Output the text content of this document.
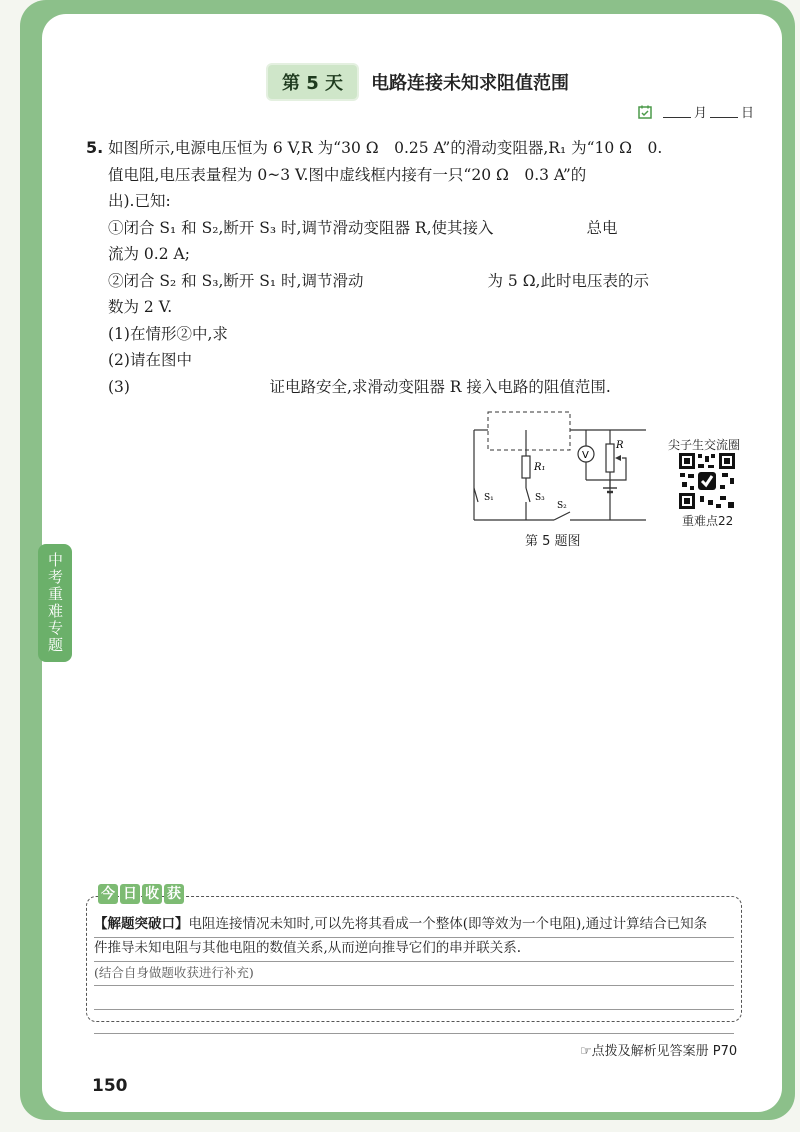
中考重难专题
第 5 天	电路连接未知求阻值范围
月	日
5. 如图所示,电源电压恒为 6 V,R 为“30 Ω　0.25 A”的滑动变阻器,R₁ 为“10 Ω　0.
值电阻,电压表量程为 0~3 V.图中虚线框内接有一只“20 Ω　0.3 A”的
出).已知:
①闭合 S₁ 和 S₂,断开 S₃ 时,调节滑动变阻器 R,使其接入　　　　　　总电
流为 0.2 A;
②闭合 S₂ 和 S₃,断开 S₁ 时,调节滑动　　　　　　　　为 5 Ω,此时电压表的示
数为 2 V.
(1)在情形②中,求
(2)请在图中
(3)　　　　　　　　　证电路安全,求滑动变阻器 R 接入电路的阻值范围.
R₁
S₃
S₁
S₂
R
V
第 5 题图
尖子生交流圈
重难点22
今 日 收 获
【解题突破口】电阻连接情况未知时,可以先将其看成一个整体(即等效为一个电阻),通过计算结合已知条
件推导未知电阻与其他电阻的数值关系,从而逆向推导它们的串并联关系.
(结合自身做题收获进行补充)
☞点拨及解析见答案册 P70
150
